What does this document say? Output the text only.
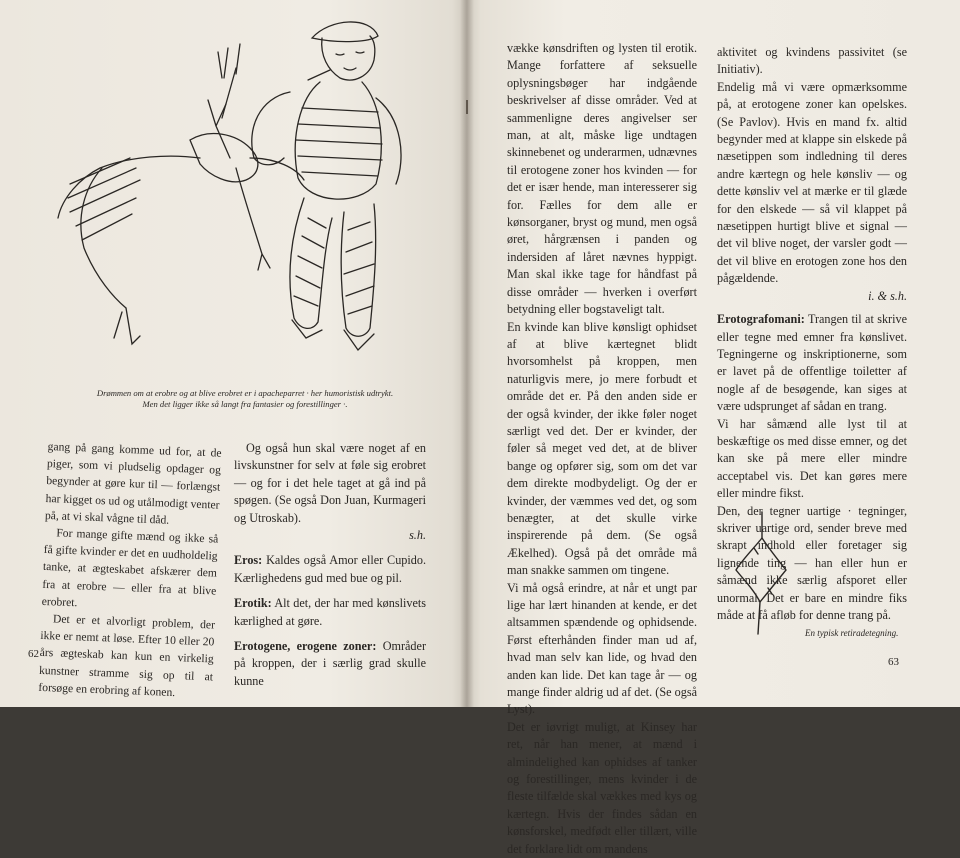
Drømmen om at erobre og at blive erobret er i apacheparret · her humoristisk udtrykt.
Men det ligger ikke så langt fra fantasier og forestillinger ·.

gang på gang komme ud for, at de piger, som vi pludselig opdager og begynder at gøre kur til — forlængst har kigget os ud og utålmodigt venter på, at vi skal vågne til dåd.

For mange gifte mænd og ikke så få gifte kvinder er det en uudholdelig tanke, at ægteskabet afskærer dem fra at erobre — eller fra at blive erobret.

Det er et alvorligt problem, der ikke er nemt at løse. Efter 10 eller 20 års ægteskab kan kun en virkelig kunstner stramme sig op til at forsøge en erobring af konen.

Og også hun skal være noget af en livskunstner for selv at føle sig erobret — og for i det hele taget at gå ind på spøgen. (Se også Don Juan, Kurmageri og Utroskab).

s.h.

Eros: Kaldes også Amor eller Cupido. Kærlighedens gud med bue og pil.

Erotik: Alt det, der har med kønslivets kærlighed at gøre.

Erotogene, erogene zoner: Områder på kroppen, der i særlig grad skulle kunne

62

vække kønsdriften og lysten til erotik. Mange forfattere af seksuelle oplysningsbøger har indgående beskrivelser af disse områder. Ved at sammenligne deres angivelser ser man, at alt, måske lige undtagen skinnebenet og underarmen, udnævnes til erotogene zoner hos kvinden — for det er især hende, man interesserer sig for. Fælles for dem alle er kønsorganer, bryst og mund, men også øret, hårgrænsen i panden og indersiden af låret nævnes hyppigt. Man skal ikke tage for håndfast på disse områder — hverken i overført betydning eller bogstaveligt talt.

En kvinde kan blive kønsligt ophidset af at blive kærtegnet blidt hvorsomhelst på kroppen, men naturligvis mere, jo mere forbudt et område det er. På den anden side er der også kvinder, der ikke føler noget særligt ved det. Der er kvinder, der føler så meget ved det, at de bliver bange og opfører sig, som om det var dem direkte modbydeligt. Og der er kvinder, der væmmes ved det, og som benægter, at det skulle virke inspirerende på dem. (Se også Ækelhed). Også på det område må man snakke sammen om tingene.

Vi må også erindre, at når et ungt par lige har lært hinanden at kende, er det altsammen spændende og ophidsende. Først efterhånden finder man ud af, hvad man selv kan lide, og hvad den anden kan lide. Det kan tage år — og mange finder aldrig ud af det. (Se også Lyst).

Det er iøvrigt muligt, at Kinsey har ret, når han mener, at mænd i almindelighed kan ophidses af tanker og forestillinger, mens kvinder i de fleste tilfælde skal vækkes med kys og kærtegn. Hvis der findes sådan en kønsforskel, medfødt eller tillært, ville det forklare lidt om mandens

aktivitet og kvindens passivitet (se Initiativ).

Endelig må vi være opmærksomme på, at erotogene zoner kan opelskes. (Se Pavlov). Hvis en mand fx. altid begynder med at klappe sin elskede på næsetippen som indledning til deres andre kærtegn og hele kønsliv — og dette kønsliv vel at mærke er til glæde for den elskede — så vil klappet på næsetippen hurtigt blive et signal — det vil blive noget, der varsler godt — det vil blive en erotogen zone hos den pågældende.

i. & s.h.

Erotografomani: Trangen til at skrive eller tegne med emner fra kønslivet. Tegningerne og inskriptionerne, som er lavet på de offentlige toiletter af nogle af de besøgende, kan siges at være udsprunget af sådan en trang.

Vi har såmænd alle lyst til at beskæftige os med disse emner, og det kan ske på mere eller mindre acceptabel vis. Det kan gøres mere eller mindre fikst.

Den, der tegner uartige · tegninger, skriver uartige ord, sender breve med skrapt indhold eller foretager sig lignende ting — han eller hun er såmænd ikke særlig afsporet eller unormal. Det er bare en mindre fiks måde at få afløb for denne trang på.

En typisk retiradetegning.
63
